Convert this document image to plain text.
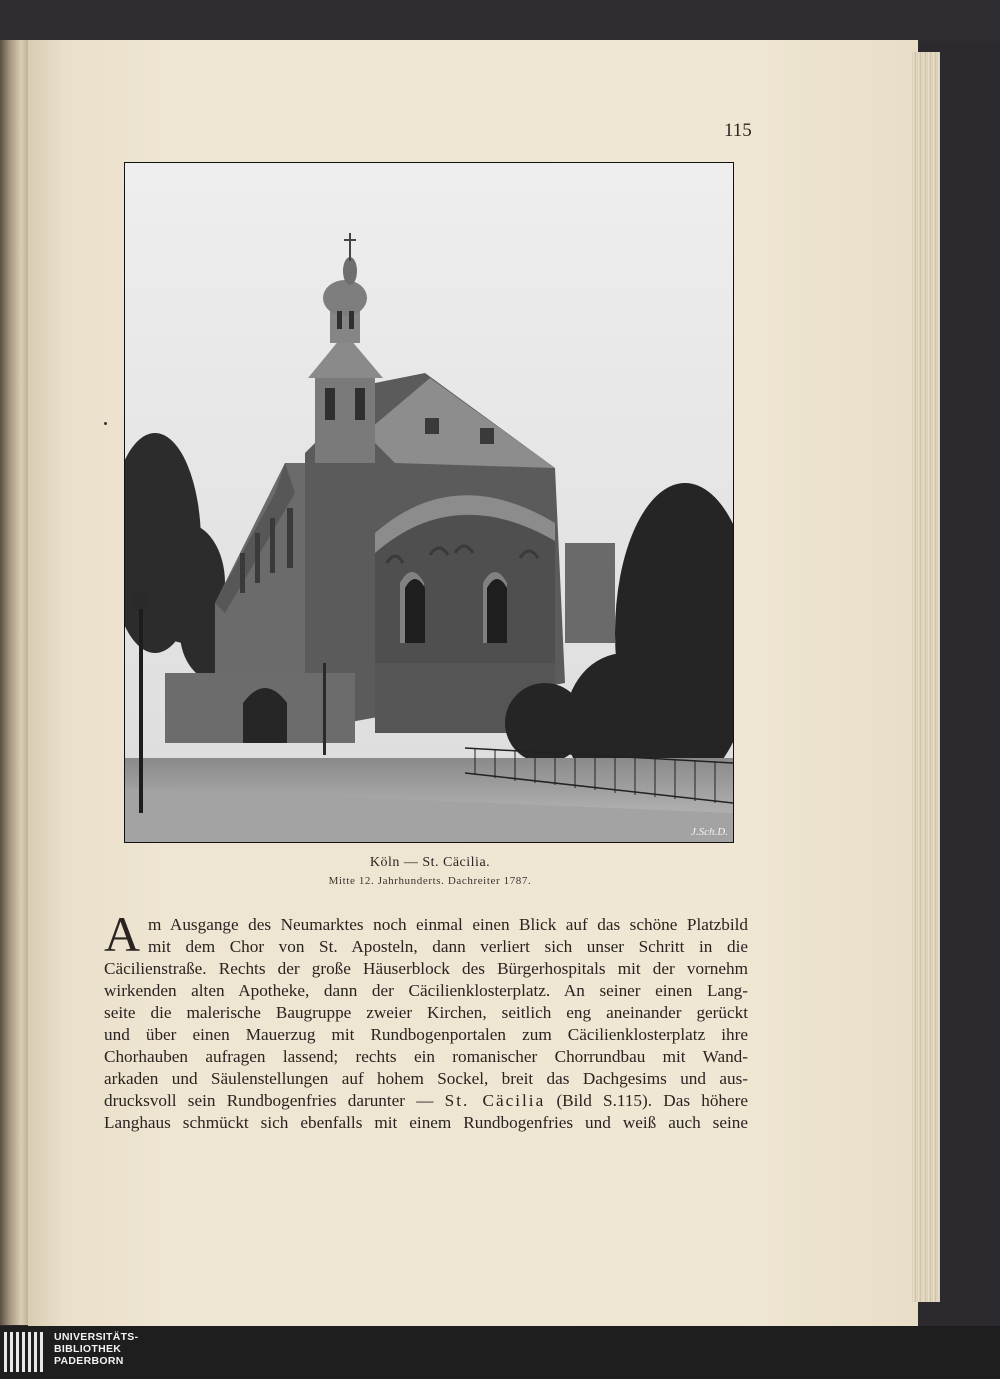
115
J.Sch.D.
Köln — St. Cäcilia.
Mitte 12. Jahrhunderts. Dachreiter 1787.
A m Ausgange des Neumarktes noch einmal einen Blick auf das schöne Platzbild
mit dem Chor von St. Aposteln, dann verliert sich unser Schritt in die
Cäcilienstraße. Rechts der große Häuserblock des Bürgerhospitals mit der vornehm
wirkenden alten Apotheke, dann der Cäcilienklosterplatz. An seiner einen Lang-
seite die malerische Baugruppe zweier Kirchen, seitlich eng aneinander gerückt
und über einen Mauerzug mit Rundbogenportalen zum Cäcilienklosterplatz ihre
Chorhauben aufragen lassend; rechts ein romanischer Chorrundbau mit Wand-
arkaden und Säulenstellungen auf hohem Sockel, breit das Dachgesims und aus-
drucksvoll sein Rundbogenfries darunter — St. Cäcilia (Bild S.115). Das höhere
Langhaus schmückt sich ebenfalls mit einem Rundbogenfries und weiß auch seine
UNIVERSITÄTS-
BIBLIOTHEK
PADERBORN
